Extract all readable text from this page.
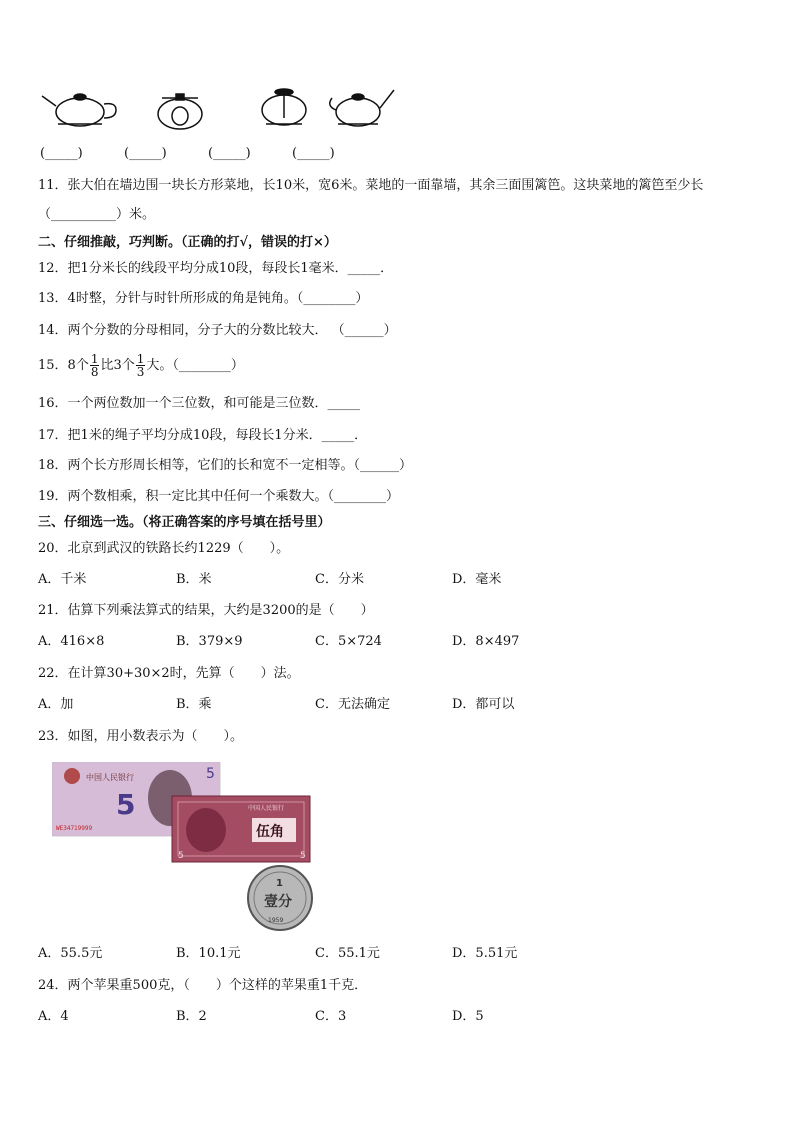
(_____)	(_____)	(_____)	(_____)
11．张大伯在墙边围一块长方形菜地，长10米，宽6米。菜地的一面靠墙，其余三面围篱笆。这块菜地的篱笆至少长
（__________）米。
二、仔细推敲，巧判断。（正确的打√，错误的打×）
12．把1分米长的线段平均分成10段，每段长1毫米．_____．
13．4时整，分针与时针所形成的角是钝角。（________）
14．两个分数的分母相同，分子大的分数比较大． （______）
15．8个 $\frac{1}{8}$ 比3个 $\frac{1}{3}$ 大。（________）
16．一个两位数加一个三位数，和可能是三位数．_____
17．把1米的绳子平均分成10段，每段长1分米．_____．
18．两个长方形周长相等，它们的长和宽不一定相等。（______）
19．两个数相乘，积一定比其中任何一个乘数大。（________）
三、仔细选一选。（将正确答案的序号填在括号里）
20．北京到武汉的铁路长约1229（　　）。
A．千米	B．米	C．分米	D．毫米
21．估算下列乘法算式的结果，大约是3200的是（　　）
A．416×8	B．379×9	C．5×724	D．8×497
22．在计算30+30×2时，先算（　　）法。
A．加	B．乘	C．无法确定	D．都可以
23．如图，用小数表示为（　　）。
中国人民银行
5
5
WE34719999
中国人民银行
伍角
5	5
1
壹分
1959
A．55.5元	B．10.1元	C．55.1元	D．5.51元
24．两个苹果重500克，（　　）个这样的苹果重1千克．
A．4	B．2	C．3	D．5
